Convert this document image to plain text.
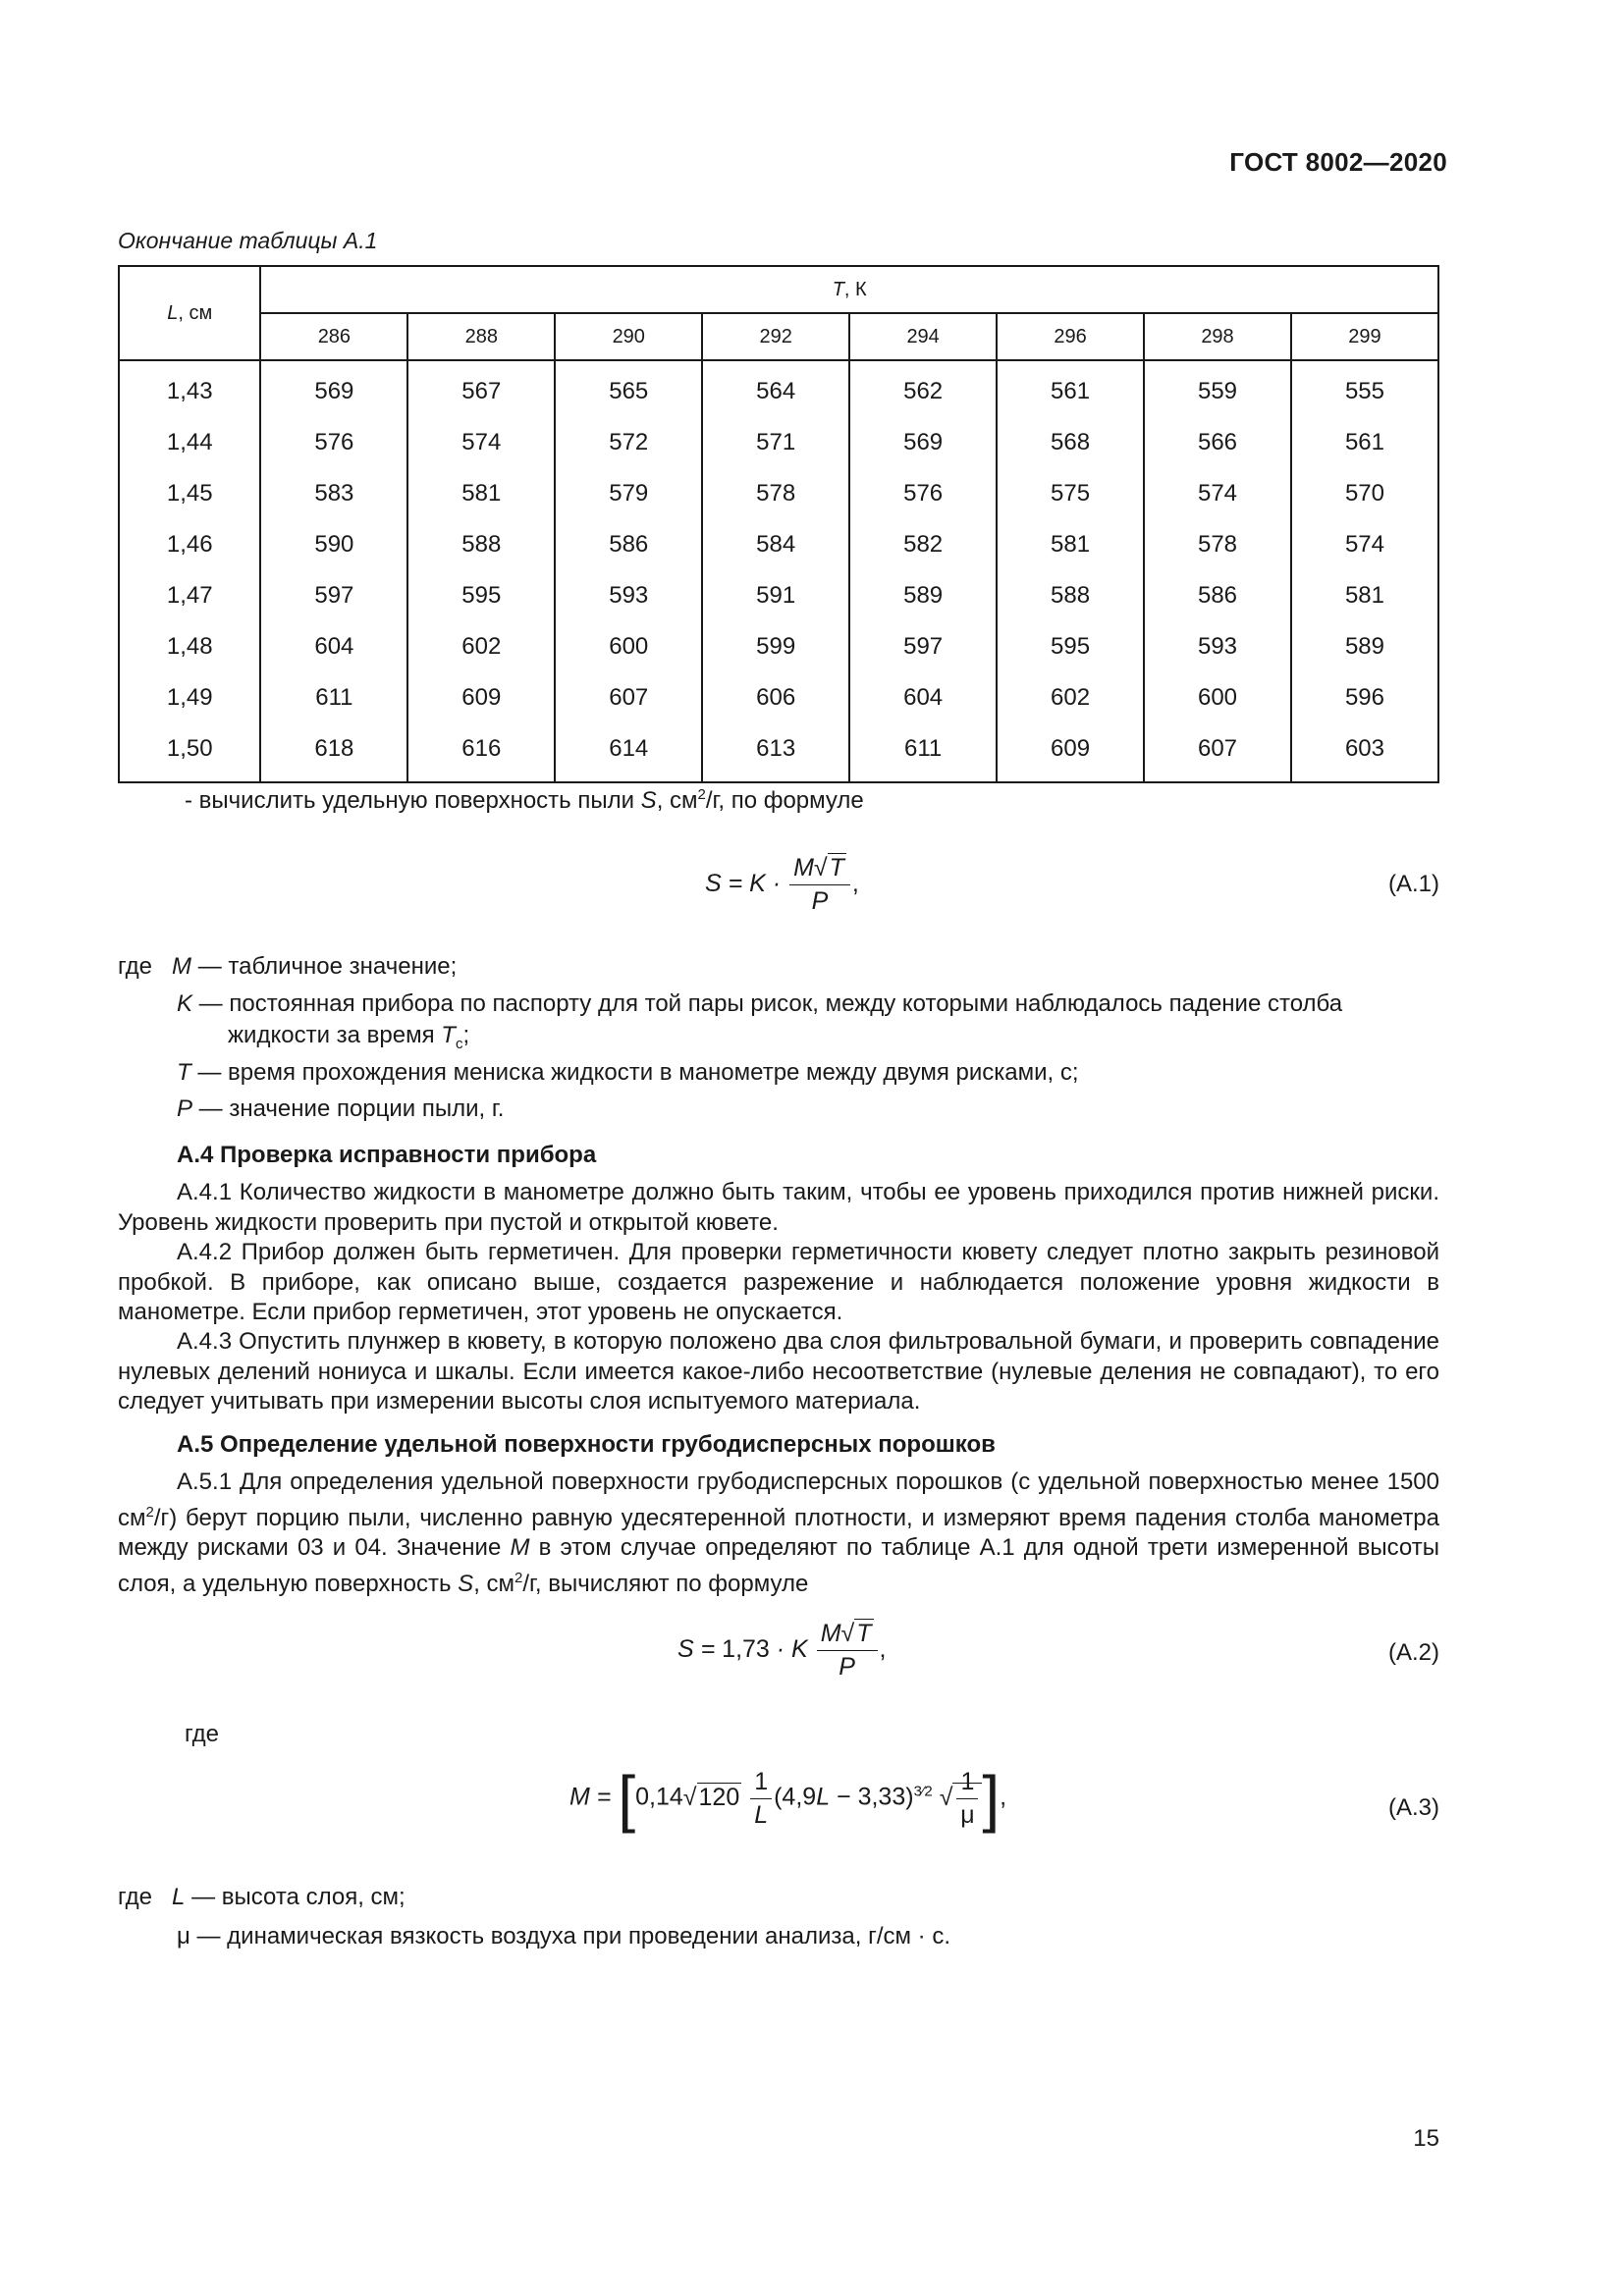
ГОСТ 8002—2020
Окончание таблицы А.1
L, см	T, К							
	286	288	290	292	294	296	298	299
1,43	569	567	565	564	562	561	559	555
1,44	576	574	572	571	569	568	566	561
1,45	583	581	579	578	576	575	574	570
1,46	590	588	586	584	582	581	578	574
1,47	597	595	593	591	589	588	586	581
1,48	604	602	600	599	597	595	593	589
1,49	611	609	607	606	604	602	600	596
1,50	618	616	614	613	611	609	607	603
- вычислить удельную поверхность пыли S, $см^2/г$, по формуле
$S = K \cdot \frac{M√T}{P}$ ,	(А.1)
где M — табличное значение;
K — постоянная прибора по паспорту для той пары рисок, между которыми наблюдалось падение столба
жидкости за время $T_с$;
T — время прохождения мениска жидкости в манометре между двумя рисками, с;
P — значение порции пыли, г.
А.4 Проверка исправности прибора
А.4.1 Количество жидкости в манометре должно быть таким, чтобы ее уровень приходился против нижней риски. Уровень жидкости проверить при пустой и открытой кювете.
А.4.2 Прибор должен быть герметичен. Для проверки герметичности кювету следует плотно закрыть резиновой пробкой. В приборе, как описано выше, создается разрежение и наблюдается положение уровня жидкости в манометре. Если прибор герметичен, этот уровень не опускается.
А.4.3 Опустить плунжер в кювету, в которую положено два слоя фильтровальной бумаги, и проверить совпадение нулевых делений нониуса и шкалы. Если имеется какое-либо несоответствие (нулевые деления не совпадают), то его следует учитывать при измерении высоты слоя испытуемого материала.
А.5 Определение удельной поверхности грубодисперсных порошков
А.5.1 Для определения удельной поверхности грубодисперсных порошков (с удельной поверхностью менее 1500 $см^2/г$) берут порцию пыли, численно равную удесятеренной плотности, и измеряют время падения столба манометра между рисками 03 и 04. Значение M в этом случае определяют по таблице А.1 для одной трети измеренной высоты слоя, а удельную поверхность S, $см^2/г$, вычисляют по формуле
S = 1,73 · K $\frac{M√T}{P}$ ,	(А.2)
где
$M = [0,14√120 \frac{1}{L} (4,9L - 3,33)^{3⁄2}$ √ $\frac{1}{\mu}$ ],	(А.3)
где L — высота слоя, см;
μ — динамическая вязкость воздуха при проведении анализа, г/см · с.
15
